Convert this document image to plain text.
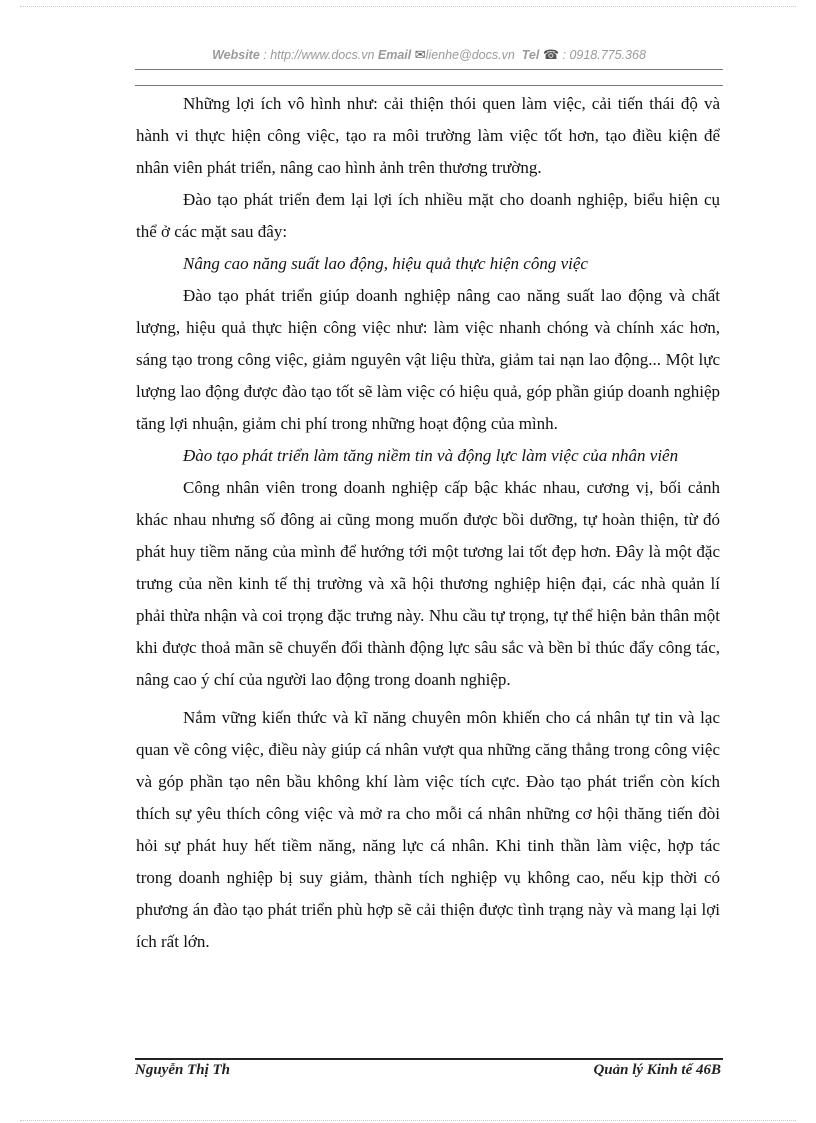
Website : http://www.docs.vn Email ✉lienhe@docs.vn Tel ☎ : 0918.775.368

Những lợi ích vô hình như: cải thiện thói quen làm việc, cải tiến thái độ và hành vi thực hiện công việc, tạo ra môi trường làm việc tốt hơn, tạo điều kiện để nhân viên phát triển, nâng cao hình ảnh trên thương trường.

Đào tạo phát triển đem lại lợi ích nhiều mặt cho doanh nghiệp, biểu hiện cụ thể ở các mặt sau đây:

Nâng cao năng suất lao động, hiệu quả thực hiện công việc

Đào tạo phát triển giúp doanh nghiệp nâng cao năng suất lao động và chất lượng, hiệu quả thực hiện công việc như: làm việc nhanh chóng và chính xác hơn, sáng tạo trong công việc, giảm nguyên vật liệu thừa, giảm tai nạn lao động... Một lực lượng lao động được đào tạo tốt sẽ làm việc có hiệu quả, góp phần giúp doanh nghiệp tăng lợi nhuận, giảm chi phí trong những hoạt động của mình.

Đào tạo phát triển làm tăng niềm tin và động lực làm việc của nhân viên

Công nhân viên trong doanh nghiệp cấp bậc khác nhau, cương vị, bối cảnh khác nhau nhưng số đông ai cũng mong muốn được bồi dưỡng, tự hoàn thiện, từ đó phát huy tiềm năng của mình để hướng tới một tương lai tốt đẹp hơn. Đây là một đặc trưng của nền kinh tế thị trường và xã hội thương nghiệp hiện đại, các nhà quản lí phải thừa nhận và coi trọng đặc trưng này. Nhu cầu tự trọng, tự thể hiện bản thân một khi được thoả mãn sẽ chuyển đổi thành động lực sâu sắc và bền bỉ thúc đẩy công tác, nâng cao ý chí của người lao động trong doanh nghiệp.

Nắm vững kiến thức và kĩ năng chuyên môn khiến cho cá nhân tự tin và lạc quan về công việc, điều này giúp cá nhân vượt qua những căng thẳng trong công việc và góp phần tạo nên bầu không khí làm việc tích cực. Đào tạo phát triển còn kích thích sự yêu thích công việc và mở ra cho mỗi cá nhân những cơ hội thăng tiến đòi hỏi sự phát huy hết tiềm năng, năng lực cá nhân. Khi tinh thần làm việc, hợp tác trong doanh nghiệp bị suy giảm, thành tích nghiệp vụ không cao, nếu kịp thời có phương án đào tạo phát triển phù hợp sẽ cải thiện được tình trạng này và mang lại lợi ích rất lớn.

Nguyễn Thị Th	Quản lý Kinh tế 46B
